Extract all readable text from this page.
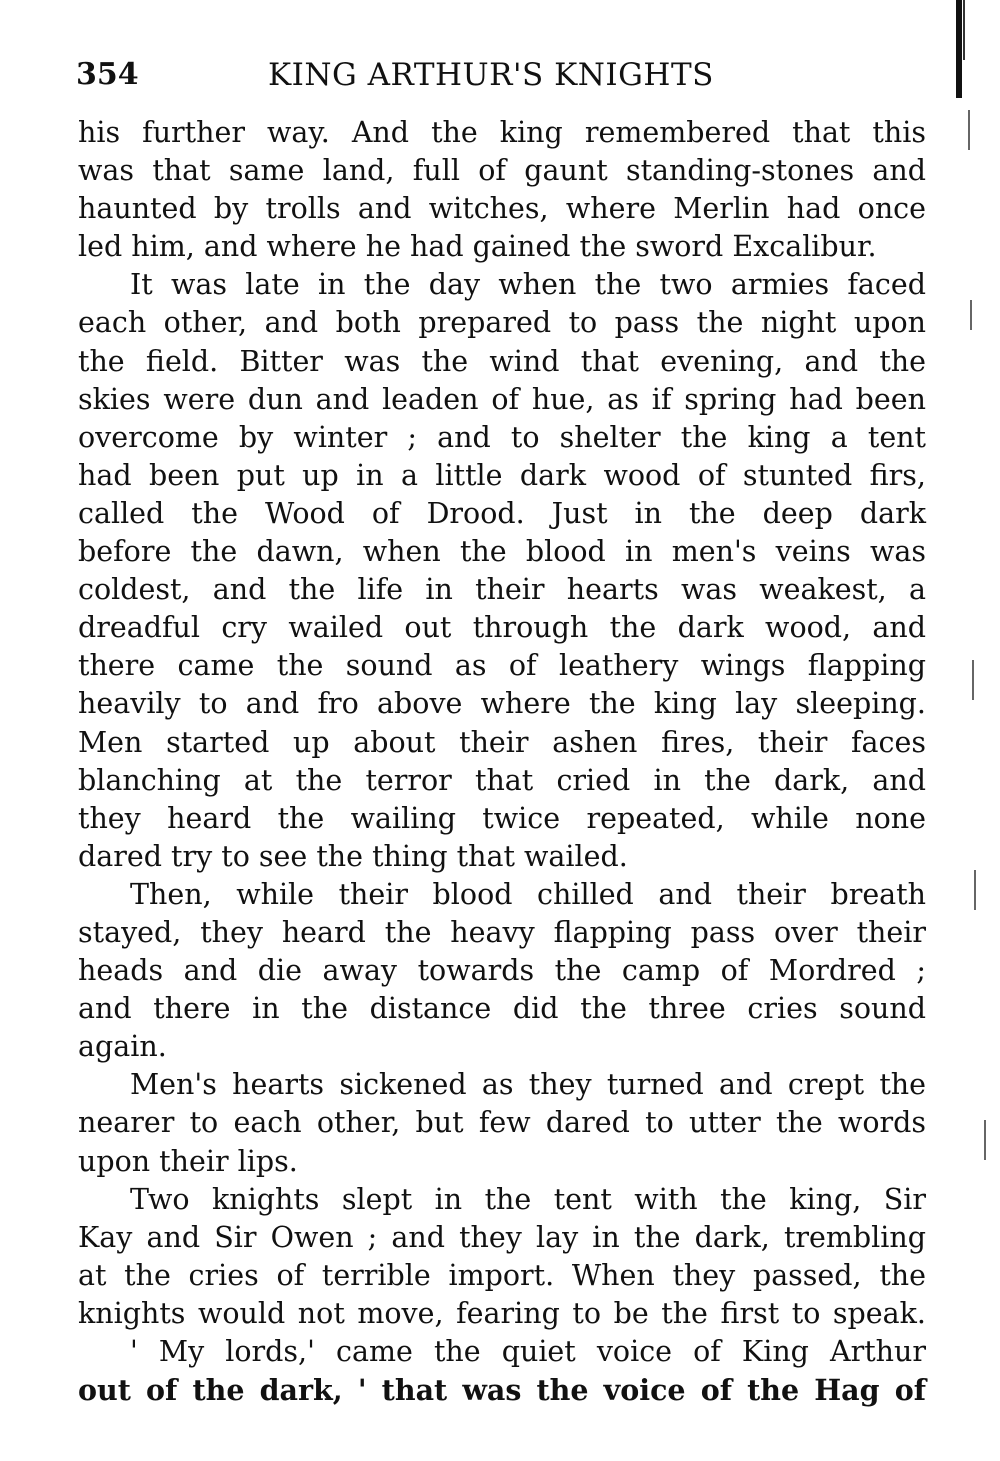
354	KING ARTHUR'S KNIGHTS
his further way. And the king remembered that this
was that same land, full of gaunt standing-stones and
haunted by trolls and witches, where Merlin had once
led him, and where he had gained the sword Excalibur.
It was late in the day when the two armies faced
each other, and both prepared to pass the night upon
the field. Bitter was the wind that evening, and the
skies were dun and leaden of hue, as if spring had been
overcome by winter ; and to shelter the king a tent
had been put up in a little dark wood of stunted firs,
called the Wood of Drood. Just in the deep dark
before the dawn, when the blood in men's veins was
coldest, and the life in their hearts was weakest, a
dreadful cry wailed out through the dark wood, and
there came the sound as of leathery wings flapping
heavily to and fro above where the king lay sleeping.
Men started up about their ashen fires, their faces
blanching at the terror that cried in the dark, and
they heard the wailing twice repeated, while none
dared try to see the thing that wailed.
Then, while their blood chilled and their breath
stayed, they heard the heavy flapping pass over their
heads and die away towards the camp of Mordred ;
and there in the distance did the three cries sound
again.
Men's hearts sickened as they turned and crept the
nearer to each other, but few dared to utter the words
upon their lips.
Two knights slept in the tent with the king, Sir
Kay and Sir Owen ; and they lay in the dark, trembling
at the cries of terrible import. When they passed, the
knights would not move, fearing to be the first to speak.
' My lords,' came the quiet voice of King Arthur
out of the dark, ' that was the voice of the Hag of
